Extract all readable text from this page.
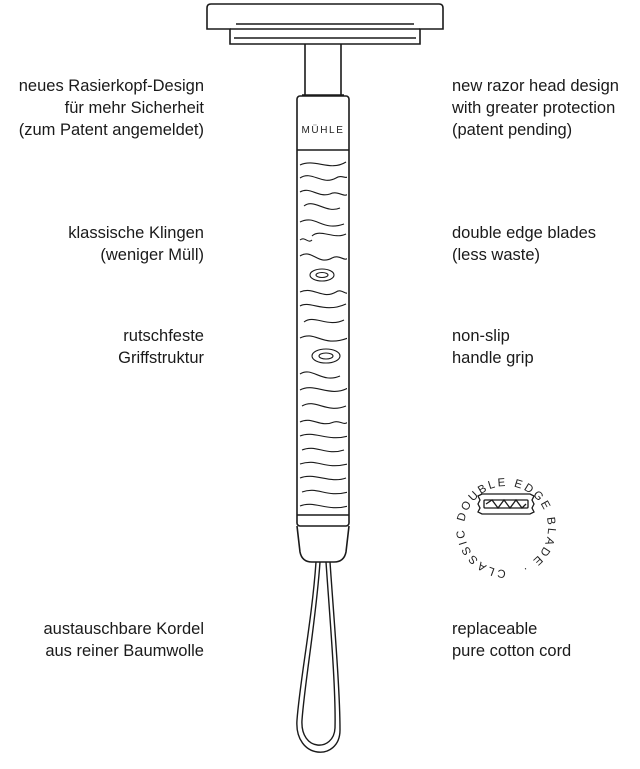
MÜHLE
CLASSIC DOUBLE EDGE BLADE ·
neues Rasierkopf-Design
für mehr Sicherheit
(zum Patent angemeldet)
klassische Klingen
(weniger Müll)
rutschfeste
Griffstruktur
austauschbare Kordel
aus reiner Baumwolle
new razor head design
with greater protection
(patent pending)
double edge blades
(less waste)
non-slip
handle grip
replaceable
pure cotton cord
